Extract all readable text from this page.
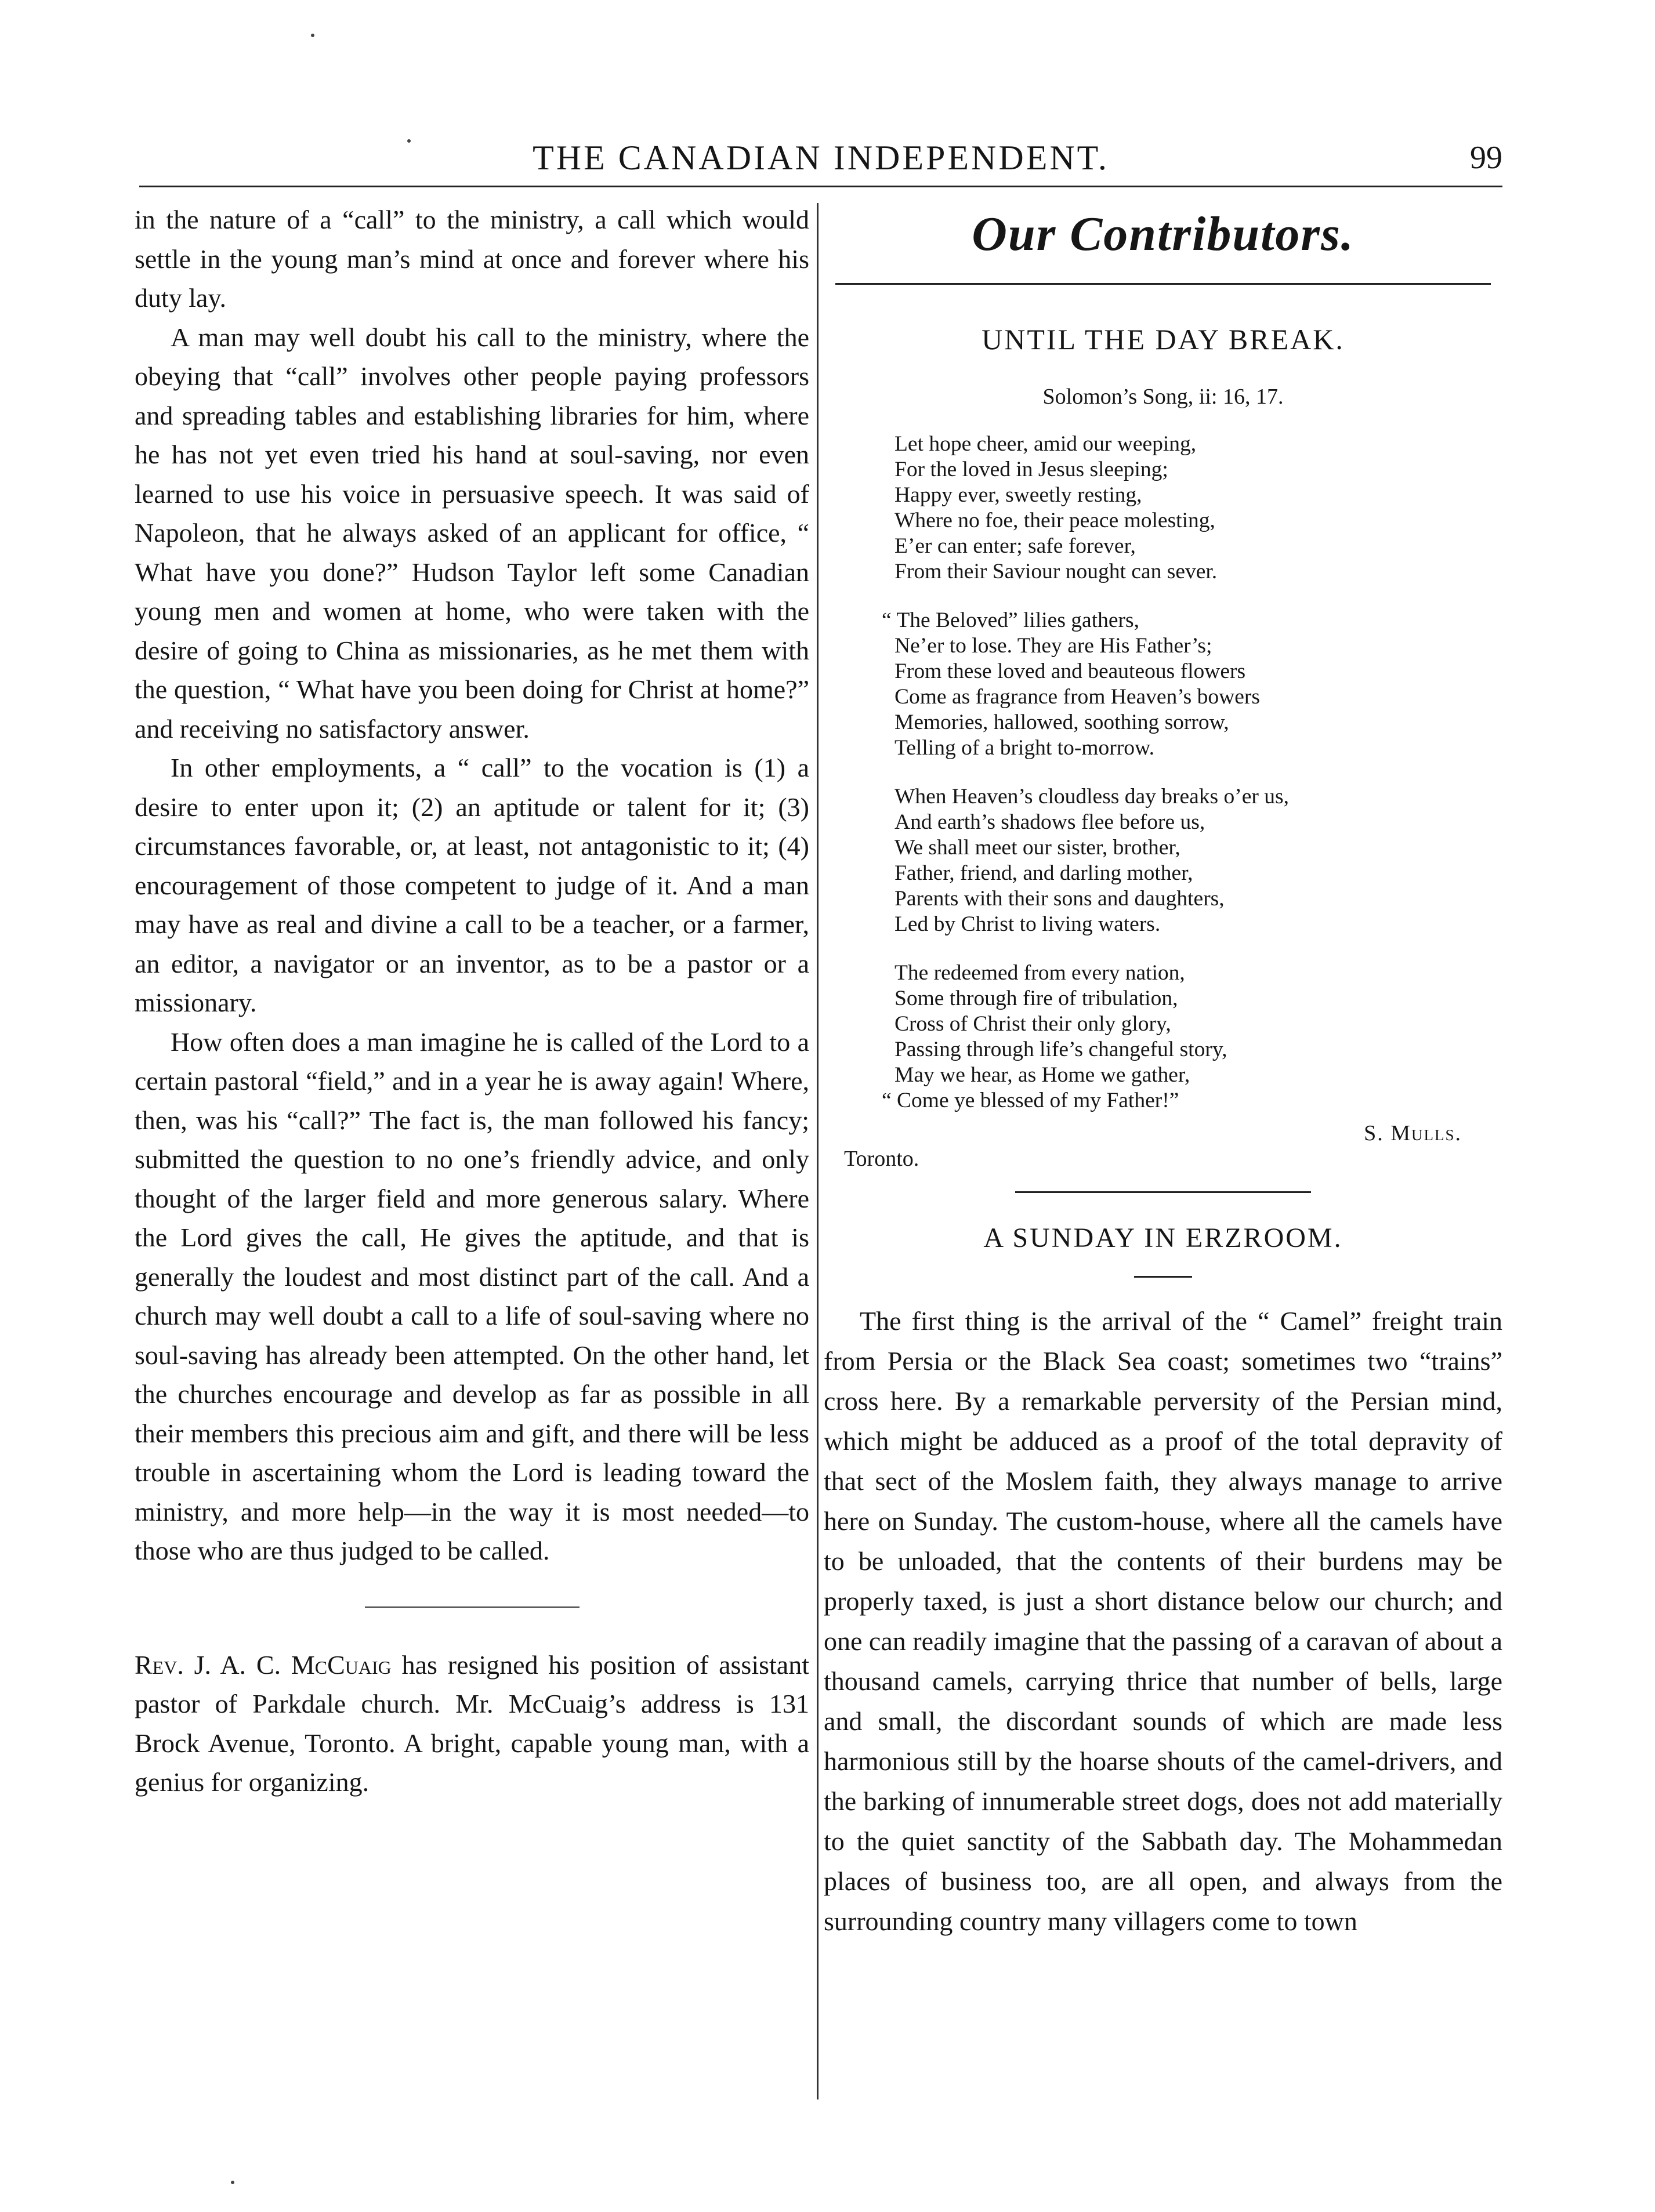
THE CANADIAN INDEPENDENT.	99

in the nature of a “call” to the ministry, a call which would settle in the young man’s mind at once and forever where his duty lay.

A man may well doubt his call to the ministry, where the obeying that “call” involves other people paying professors and spreading tables and establishing libraries for him, where he has not yet even tried his hand at soul-saving, nor even learned to use his voice in persuasive speech. It was said of Napoleon, that he always asked of an applicant for office, “ What have you done?” Hudson Taylor left some Canadian young men and women at home, who were taken with the desire of going to China as missionaries, as he met them with the question, “ What have you been doing for Christ at home?” and receiving no satisfactory answer.

In other employments, a “ call” to the vocation is (1) a desire to enter upon it; (2) an aptitude or talent for it; (3) circumstances favorable, or, at least, not antagonistic to it; (4) encouragement of those competent to judge of it. And a man may have as real and divine a call to be a teacher, or a farmer, an editor, a navigator or an inventor, as to be a pastor or a missionary.

How often does a man imagine he is called of the Lord to a certain pastoral “field,” and in a year he is away again! Where, then, was his “call?” The fact is, the man followed his fancy; submitted the question to no one’s friendly advice, and only thought of the larger field and more generous salary. Where the Lord gives the call, He gives the aptitude, and that is generally the loudest and most distinct part of the call. And a church may well doubt a call to a life of soul-saving where no soul-saving has already been attempted. On the other hand, let the churches encourage and develop as far as possible in all their members this precious aim and gift, and there will be less trouble in ascertaining whom the Lord is leading toward the ministry, and more help—in the way it is most needed—to those who are thus judged to be called.

Rev. J. A. C. McCuaig has resigned his position of assistant pastor of Parkdale church. Mr. McCuaig’s address is 131 Brock Avenue, Toronto. A bright, capable young man, with a genius for organizing.

Our Contributors.
UNTIL THE DAY BREAK.
Solomon’s Song, ii: 16, 17.
Let hope cheer, amid our weeping,
For the loved in Jesus sleeping;
Happy ever, sweetly resting,
Where no foe, their peace molesting,
E’er can enter; safe forever,
From their Saviour nought can sever.
“ The Beloved” lilies gathers,
Ne’er to lose. They are His Father’s;
From these loved and beauteous flowers
Come as fragrance from Heaven’s bowers
Memories, hallowed, soothing sorrow,
Telling of a bright to-morrow.
When Heaven’s cloudless day breaks o’er us,
And earth’s shadows flee before us,
We shall meet our sister, brother,
Father, friend, and darling mother,
Parents with their sons and daughters,
Led by Christ to living waters.
The redeemed from every nation,
Some through fire of tribulation,
Cross of Christ their only glory,
Passing through life’s changeful story,
May we hear, as Home we gather,
“ Come ye blessed of my Father!”
S. Mulls.
Toronto.
A SUNDAY IN ERZROOM.

The first thing is the arrival of the “ Camel” freight train from Persia or the Black Sea coast; sometimes two “trains” cross here. By a remarkable perversity of the Persian mind, which might be adduced as a proof of the total depravity of that sect of the Moslem faith, they always manage to arrive here on Sunday. The custom-house, where all the camels have to be unloaded, that the contents of their burdens may be properly taxed, is just a short distance below our church; and one can readily imagine that the passing of a caravan of about a thousand camels, carrying thrice that number of bells, large and small, the discordant sounds of which are made less harmonious still by the hoarse shouts of the camel-drivers, and the barking of innumerable street dogs, does not add materially to the quiet sanctity of the Sabbath day. The Mohammedan places of business too, are all open, and always from the surrounding country many villagers come to town
